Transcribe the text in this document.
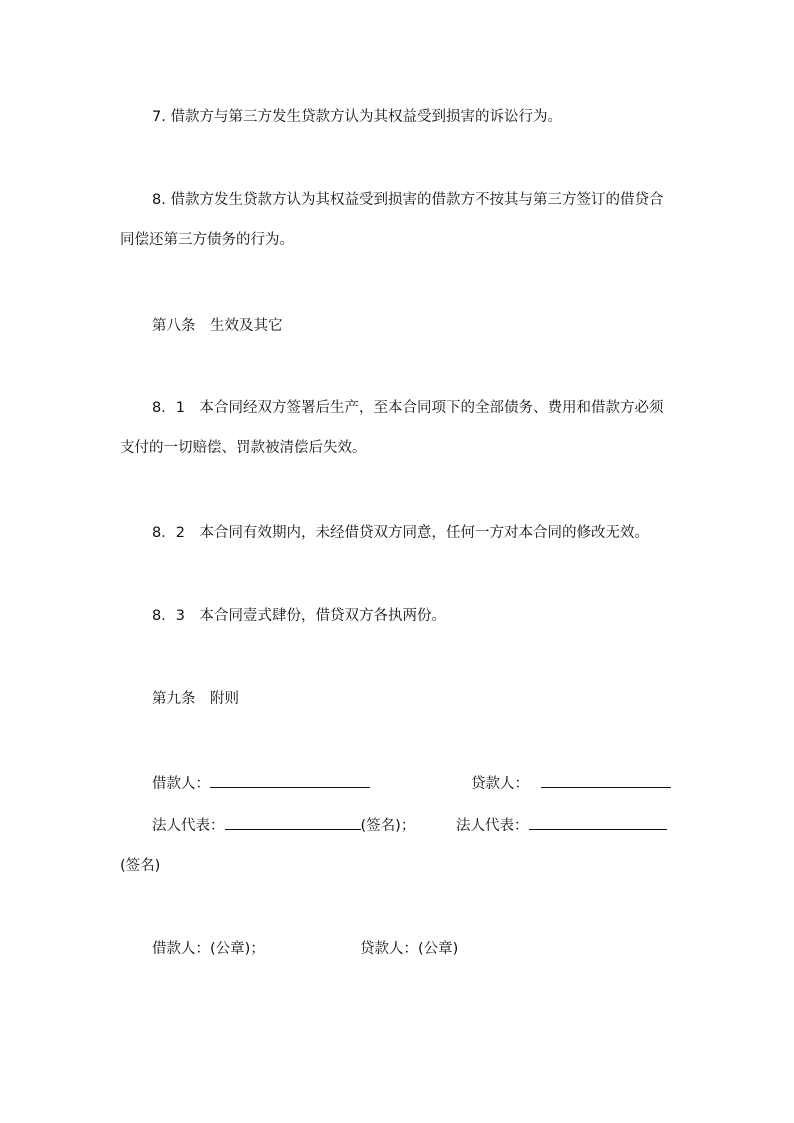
7. 借款方与第三方发生贷款方认为其权益受到损害的诉讼行为。

8. 借款方发生贷款方认为其权益受到损害的借款方不按其与第三方签订的借贷合同偿还第三方债务的行为。

第八条　生效及其它

8．1　本合同经双方签署后生产，至本合同项下的全部债务、费用和借款方必须支付的一切赔偿、罚款被清偿后失效。

8．2　本合同有效期内，未经借贷双方同意，任何一方对本合同的修改无效。

8．3　本合同壹式肆份，借贷双方各执两份。

第九条　附则

借款人：	贷款人：
法人代表：	(签名)；	法人代表：
(签名)
借款人：(公章)；	贷款人：(公章)
